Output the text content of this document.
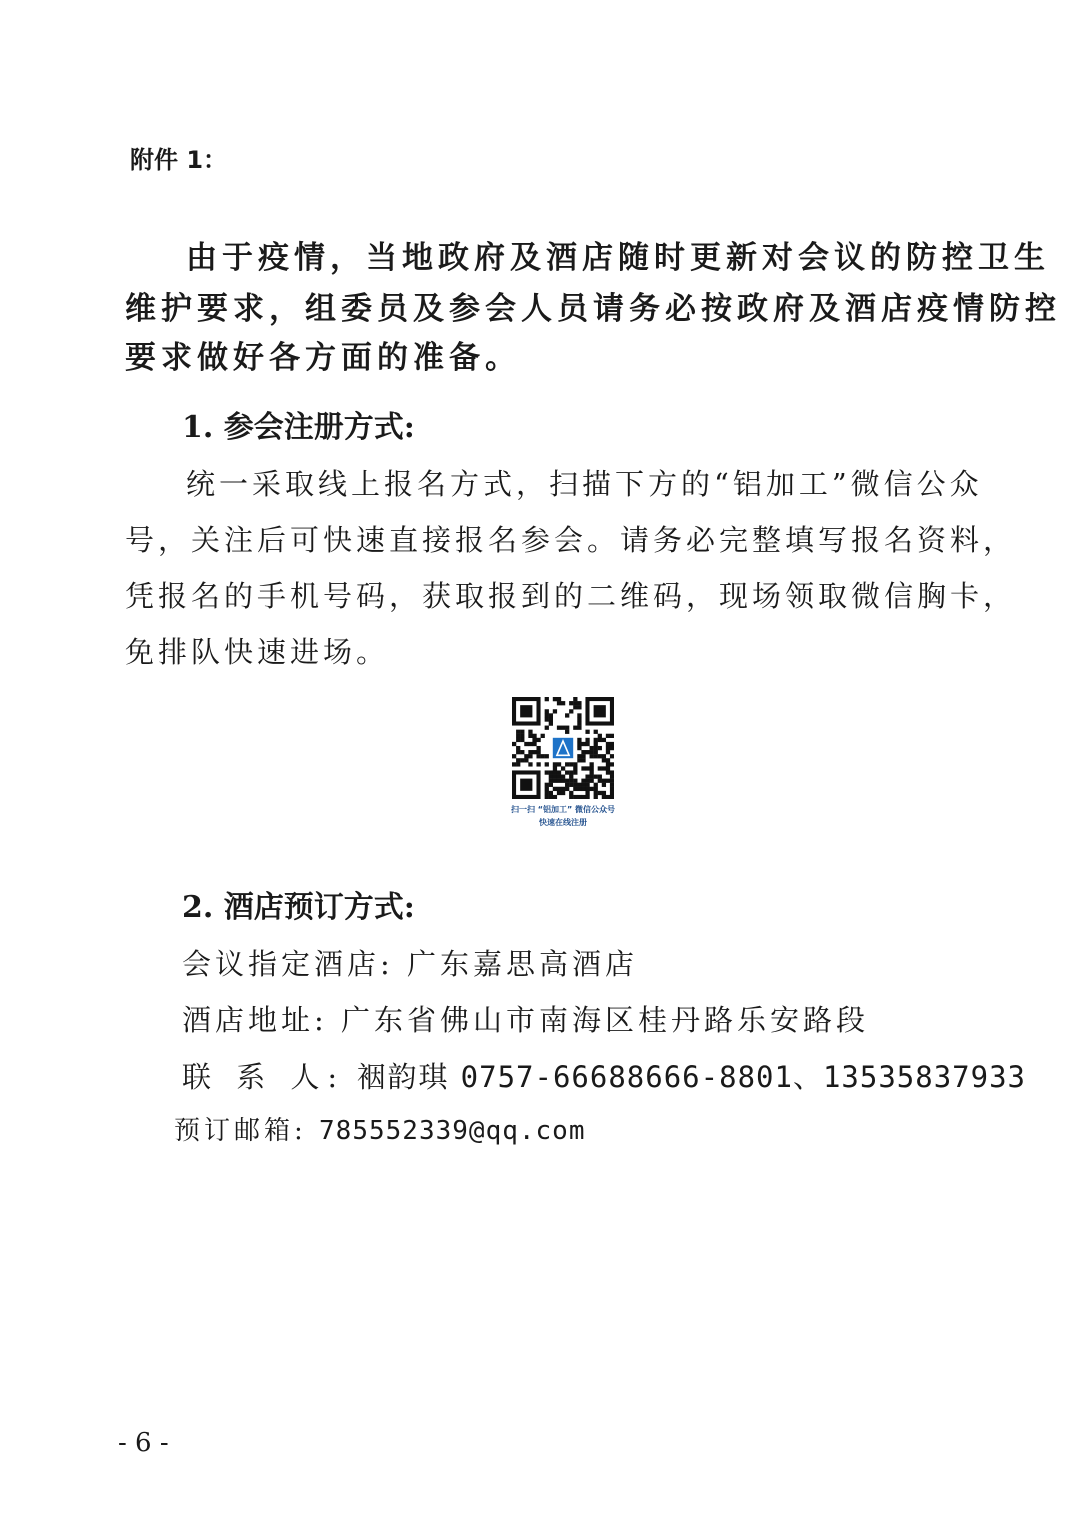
附件 1：
由于疫情，当地政府及酒店随时更新对会议的防控卫生
维护要求，组委员及参会人员请务必按政府及酒店疫情防控
要求做好各方面的准备。
1. 参会注册方式:
统一采取线上报名方式，扫描下方的“铝加工”微信公众
号，关注后可快速直接报名参会。请务必完整填写报名资料，
凭报名的手机号码，获取报到的二维码，现场领取微信胸卡，
免排队快速进场。
扫一扫 “铝加工” 微信公众号
快速在线注册
2. 酒店预订方式:
会议指定酒店: 广东嘉思高酒店
酒店地址: 广东省佛山市南海区桂丹路乐安路段
联 系 人: 裀韵琪 0757-66688666-8801、13535837933
预订邮箱: 785552339@qq.com
- 6 -
